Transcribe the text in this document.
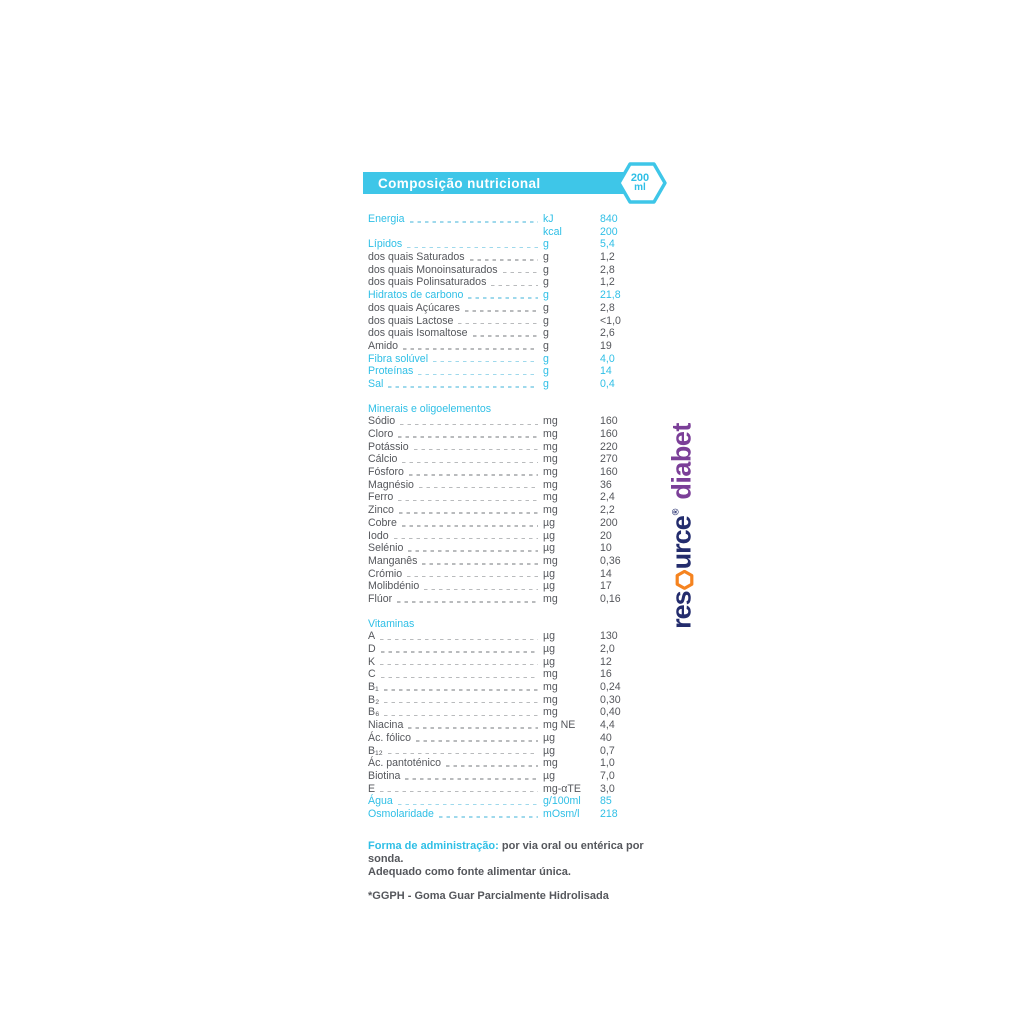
Composição nutricional	200
ml
Energia	kJ	840
kcal	200
Lípidos	g	5,4
dos quais Saturados	g	1,2
dos quais Monoinsaturados	g	2,8
dos quais Polinsaturados	g	1,2
Hidratos de carbono	g	21,8
dos quais Açúcares	g	2,8
dos quais Lactose	g	<1,0
dos quais Isomaltose	g	2,6
Amido	g	19
Fibra solúvel	g	4,0
Proteínas	g	14
Sal	g	0,4
Minerais e oligoelementos
Sódio	mg	160
Cloro	mg	160
Potássio	mg	220
Cálcio	mg	270
Fósforo	mg	160
Magnésio	mg	36
Ferro	mg	2,4
Zinco	mg	2,2
Cobre	µg	200
Iodo	µg	20
Selénio	µg	10
Manganês	mg	0,36
Crómio	µg	14
Molibdénio	µg	17
Flúor	mg	0,16
Vitaminas
A	µg	130
D	µg	2,0
K	µg	12
C	mg	16
B₁	mg	0,24
B₂	mg	0,30
B₆	mg	0,40
Niacina	mg NE	4,4
Ác. fólico	µg	40
B₁₂	µg	0,7
Ác. pantoténico	mg	1,0
Biotina	µg	7,0
E	mg-αTE	3,0
Água	g/100ml	85
Osmolaridade	mOsm/l	218
res
urce
®
diabet
Forma de administração: por via oral ou entérica por sonda.
Adequado como fonte alimentar única.
*GGPH - Goma Guar Parcialmente Hidrolisada
